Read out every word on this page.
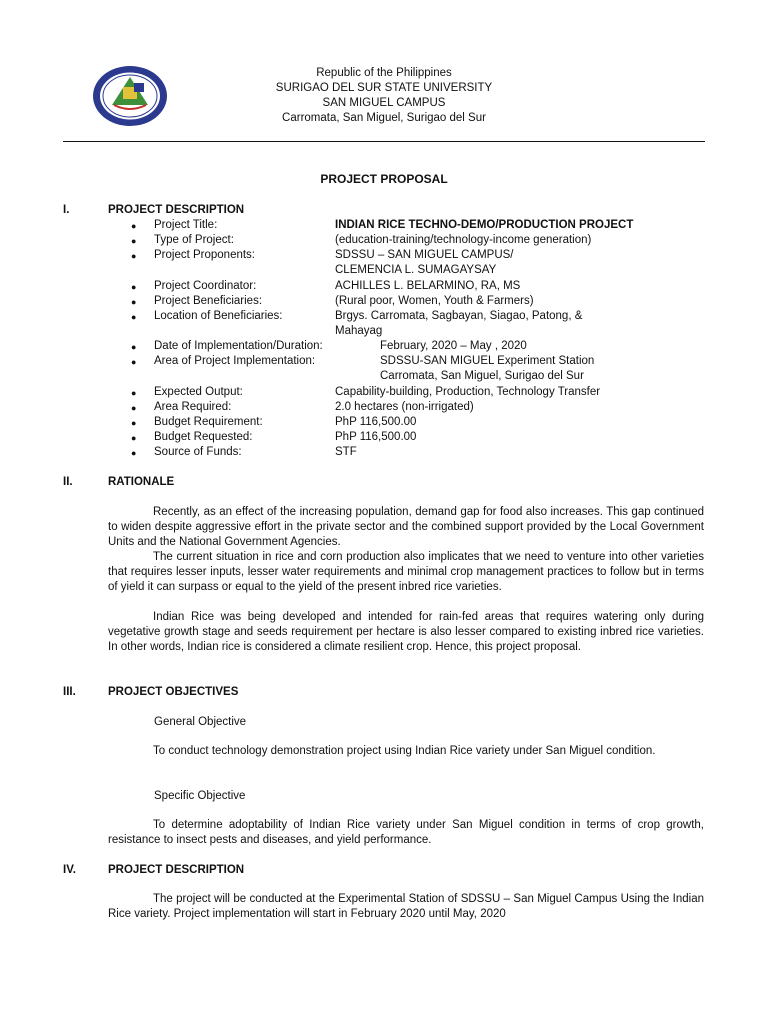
Republic of the Philippines
SURIGAO DEL SUR STATE UNIVERSITY
SAN MIGUEL CAMPUS
Carromata, San Miguel, Surigao del Sur
PROJECT PROPOSAL
I.	PROJECT DESCRIPTION
● Project Title:	INDIAN RICE TECHNO-DEMO/PRODUCTION PROJECT
● Type of Project:	(education-training/technology-income generation)
● Project Proponents:	SDSSU – SAN MIGUEL CAMPUS/
CLEMENCIA L. SUMAGAYSAY
● Project Coordinator:	ACHILLES L. BELARMINO, RA, MS
● Project Beneficiaries:	(Rural poor, Women, Youth & Farmers)
● Location of Beneficiaries:	Brgys. Carromata, Sagbayan, Siagao, Patong, &
Mahayag
● Date of Implementation/Duration:	February, 2020 – May , 2020
● Area of Project Implementation:	SDSSU-SAN MIGUEL Experiment Station
Carromata, San Miguel, Surigao del Sur
● Expected Output:	Capability-building, Production, Technology Transfer
● Area Required:	2.0 hectares (non-irrigated)
● Budget Requirement:	PhP 116,500.00
● Budget Requested:	PhP 116,500.00
● Source of Funds:	STF
II.	RATIONALE
Recently, as an effect of the increasing population, demand gap for food also increases. This gap continued to widen despite aggressive effort in the private sector and the combined support provided by the Local Government Units and the National Government Agencies.
The current situation in rice and corn production also implicates that we need to venture into other varieties that requires lesser inputs, lesser water requirements and minimal crop management practices to follow but in terms of yield it can surpass or equal to the yield of the present inbred rice varieties.
Indian Rice was being developed and intended for rain-fed areas that requires watering only during vegetative growth stage and seeds requirement per hectare is also lesser compared to existing inbred rice varieties. In other words, Indian rice is considered a climate resilient crop. Hence, this project proposal.
III.	PROJECT OBJECTIVES
General Objective
To conduct technology demonstration project using Indian Rice variety under San Miguel condition.
Specific Objective
To determine adoptability of Indian Rice variety under San Miguel condition in terms of crop growth, resistance to insect pests and diseases, and yield performance.
IV.	PROJECT DESCRIPTION
The project will be conducted at the Experimental Station of SDSSU – San Miguel Campus Using the Indian Rice variety. Project implementation will start in February 2020 until May, 2020
